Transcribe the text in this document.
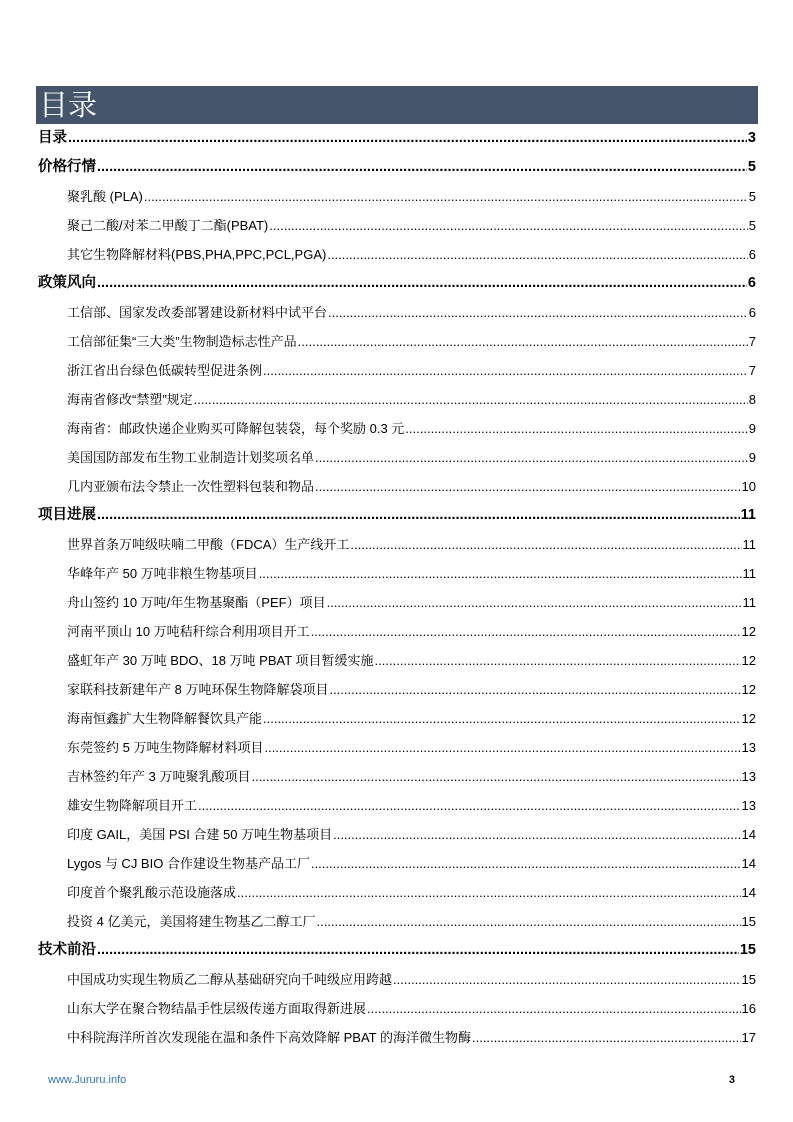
目录
目录 .....	3
价格行情 .....	5
聚乳酸 (PLA) .....	5
聚己二酸/对苯二甲酸丁二酯(PBAT) .....	5
其它生物降解材料(PBS,PHA,PPC,PCL,PGA) .....	6
政策风向 .....	6
工信部、国家发改委部署建设新材料中试平台 .....	6
工信部征集“三大类”生物制造标志性产品 .....	7
浙江省出台绿色低碳转型促进条例 .....	7
海南省修改“禁塑”规定 .....	8
海南省：邮政快递企业购买可降解包装袋，每个奖励 0.3 元 .....	9
美国国防部发布生物工业制造计划奖项名单 .....	9
几内亚颁布法令禁止一次性塑料包装和物品 .....	10
项目进展 .....	11
世界首条万吨级呋喃二甲酸（FDCA）生产线开工 .....	11
华峰年产 50 万吨非粮生物基项目 .....	11
舟山签约 10 万吨/年生物基聚酯（PEF）项目 .....	11
河南平顶山 10 万吨秸秆综合利用项目开工 .....	12
盛虹年产 30 万吨 BDO、18 万吨 PBAT 项目暂缓实施 .....	12
家联科技新建年产 8 万吨环保生物降解袋项目 .....	12
海南恒鑫扩大生物降解餐饮具产能 .....	12
东莞签约 5 万吨生物降解材料项目 .....	13
吉林签约年产 3 万吨聚乳酸项目 .....	13
雄安生物降解项目开工 .....	13
印度 GAIL，美国 PSI 合建 50 万吨生物基项目 .....	14
Lygos 与 CJ BIO 合作建设生物基产品工厂 .....	14
印度首个聚乳酸示范设施落成 .....	14
投资 4 亿美元，美国将建生物基乙二醇工厂 .....	15
技术前沿 .....	15
中国成功实现生物质乙二醇从基础研究向千吨级应用跨越 .....	15
山东大学在聚合物结晶手性层级传递方面取得新进展 .....	16
中科院海洋所首次发现能在温和条件下高效降解 PBAT 的海洋微生物酶 .....	17
www.Jururu.info	3
